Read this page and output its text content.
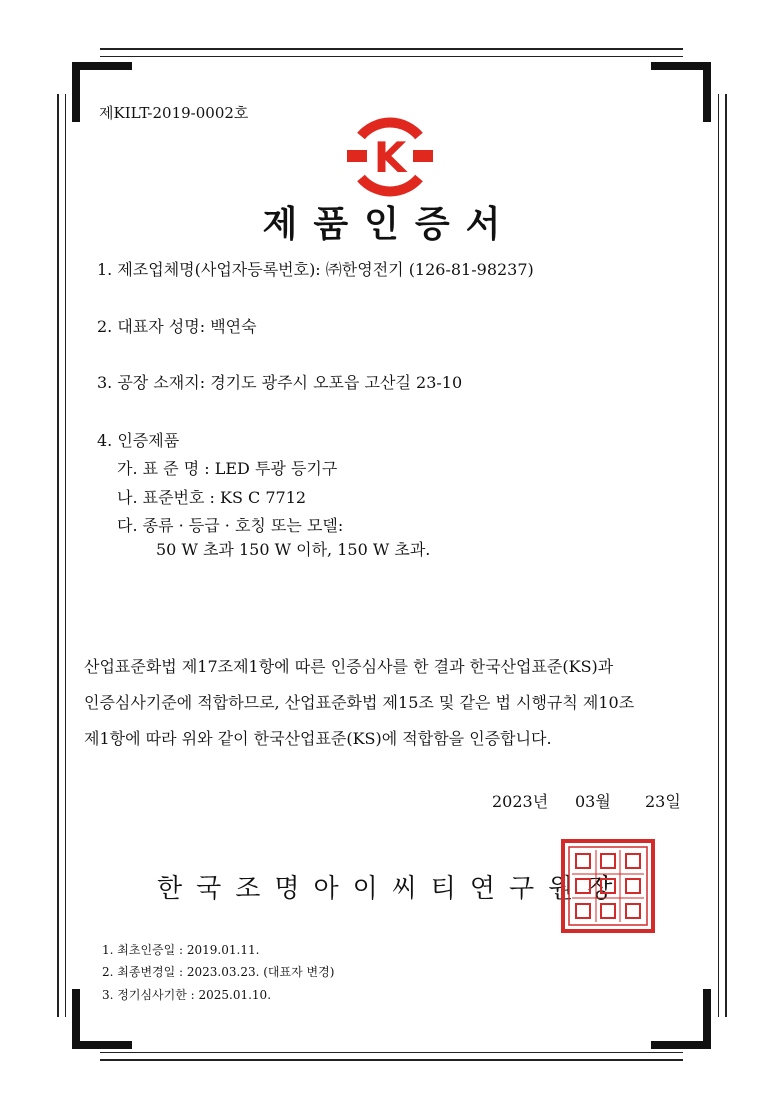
제KILT-2019-0002호
K
제품인증서
1. 제조업체명(사업자등록번호): ㈜한영전기 (126-81-98237)
2. 대표자 성명: 백연숙
3. 공장 소재지: 경기도 광주시 오포읍 고산길 23-10
4. 인증제품
가. 표 준 명 : LED 투광 등기구
나. 표준번호 : KS C 7712
다. 종류 · 등급 · 호칭 또는 모델:
50 W 초과 150 W 이하, 150 W 초과.
산업표준화법 제17조제1항에 따른 인증심사를 한 결과 한국산업표준(KS)과
인증심사기준에 적합하므로, 산업표준화법 제15조 및 같은 법 시행규칙 제10조
제1항에 따라 위와 같이 한국산업표준(KS)에 적합함을 인증합니다.
2023년 03월 23일
한국조명아이씨티연구원장
1. 최초인증일 : 2019.01.11.
2. 최종변경일 : 2023.03.23. (대표자 변경)
3. 정기심사기한 : 2025.01.10.
